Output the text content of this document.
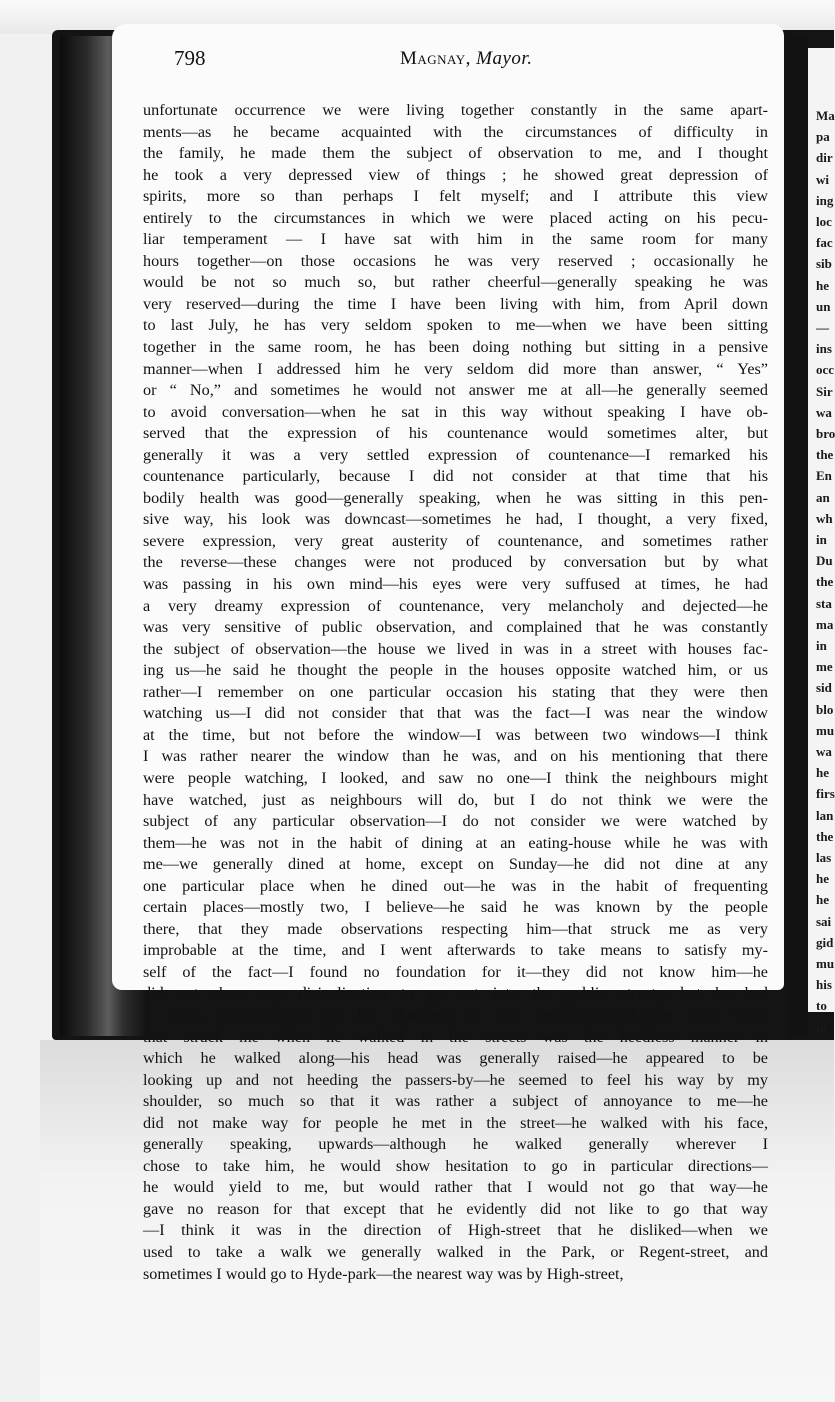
Ma
pa
dir
wi
ing
loc
fac
sib
he
un
—
ins
occ
Sir
wa
bro
the
En
an
wh
in
Du
the
sta
ma
in
me
sid
blo
mu
wa
he
firs
lan
the
las
he
he
sai
gid
mu
his
to
to
798	Magnay, Mayor.
unfortunate occurrence we were living together constantly in the same apart-
ments—as he became acquainted with the circumstances of difficulty in
the family, he made them the subject of observation to me, and I thought
he took a very depressed view of things ; he showed great depression of
spirits, more so than perhaps I felt myself; and I attribute this view
entirely to the circumstances in which we were placed acting on his pecu-
liar temperament — I have sat with him in the same room for many
hours together—on those occasions he was very reserved ; occasionally he
would be not so much so, but rather cheerful—generally speaking he was
very reserved—during the time I have been living with him, from April down
to last July, he has very seldom spoken to me—when we have been sitting
together in the same room, he has been doing nothing but sitting in a pensive
manner—when I addressed him he very seldom did more than answer, “ Yes”
or “ No,” and sometimes he would not answer me at all—he generally seemed
to avoid conversation—when he sat in this way without speaking I have ob-
served that the expression of his countenance would sometimes alter, but
generally it was a very settled expression of countenance—I remarked his
countenance particularly, because I did not consider at that time that his
bodily health was good—generally speaking, when he was sitting in this pen-
sive way, his look was downcast—sometimes he had, I thought, a very fixed,
severe expression, very great austerity of countenance, and sometimes rather
the reverse—these changes were not produced by conversation but by what
was passing in his own mind—his eyes were very suffused at times, he had
a very dreamy expression of countenance, very melancholy and dejected—he
was very sensitive of public observation, and complained that he was constantly
the subject of observation—the house we lived in was in a street with houses fac-
ing us—he said he thought the people in the houses opposite watched him, or us
rather—I remember on one particular occasion his stating that they were then
watching us—I did not consider that that was the fact—I was near the window
at the time, but not before the window—I was between two windows—I think
I was rather nearer the window than he was, and on his mentioning that there
were people watching, I looked, and saw no one—I think the neighbours might
have watched, just as neighbours will do, but I do not think we were the
subject of any particular observation—I do not consider we were watched by
them—he was not in the habit of dining at an eating-house while he was with
me—we generally dined at home, except on Sunday—he did not dine at any
one particular place when he dined out—he was in the habit of frequenting
certain places—mostly two, I believe—he said he was known by the people
there, that they made observations respecting him—that struck me as very
improbable at the time, and I went afterwards to take means to satisfy my-
self of the fact—I found no foundation for it—they did not know him—he
did not show any disinclination to go out into the public streets, but he had
a great disinclination to be observed in the neighbourhood—the first thing
that struck me when he walked in the streets was the heedless manner in
which he walked along—his head was generally raised—he appeared to be
looking up and not heeding the passers-by—he seemed to feel his way by my
shoulder, so much so that it was rather a subject of annoyance to me—he
did not make way for people he met in the street—he walked with his face,
generally speaking, upwards—although he walked generally wherever I
chose to take him, he would show hesitation to go in particular directions—
he would yield to me, but would rather that I would not go that way—he
gave no reason for that except that he evidently did not like to go that way
—I think it was in the direction of High-street that he disliked—when we
used to take a walk we generally walked in the Park, or Regent-street, and
sometimes I would go to Hyde-park—the nearest way was by High-street,
